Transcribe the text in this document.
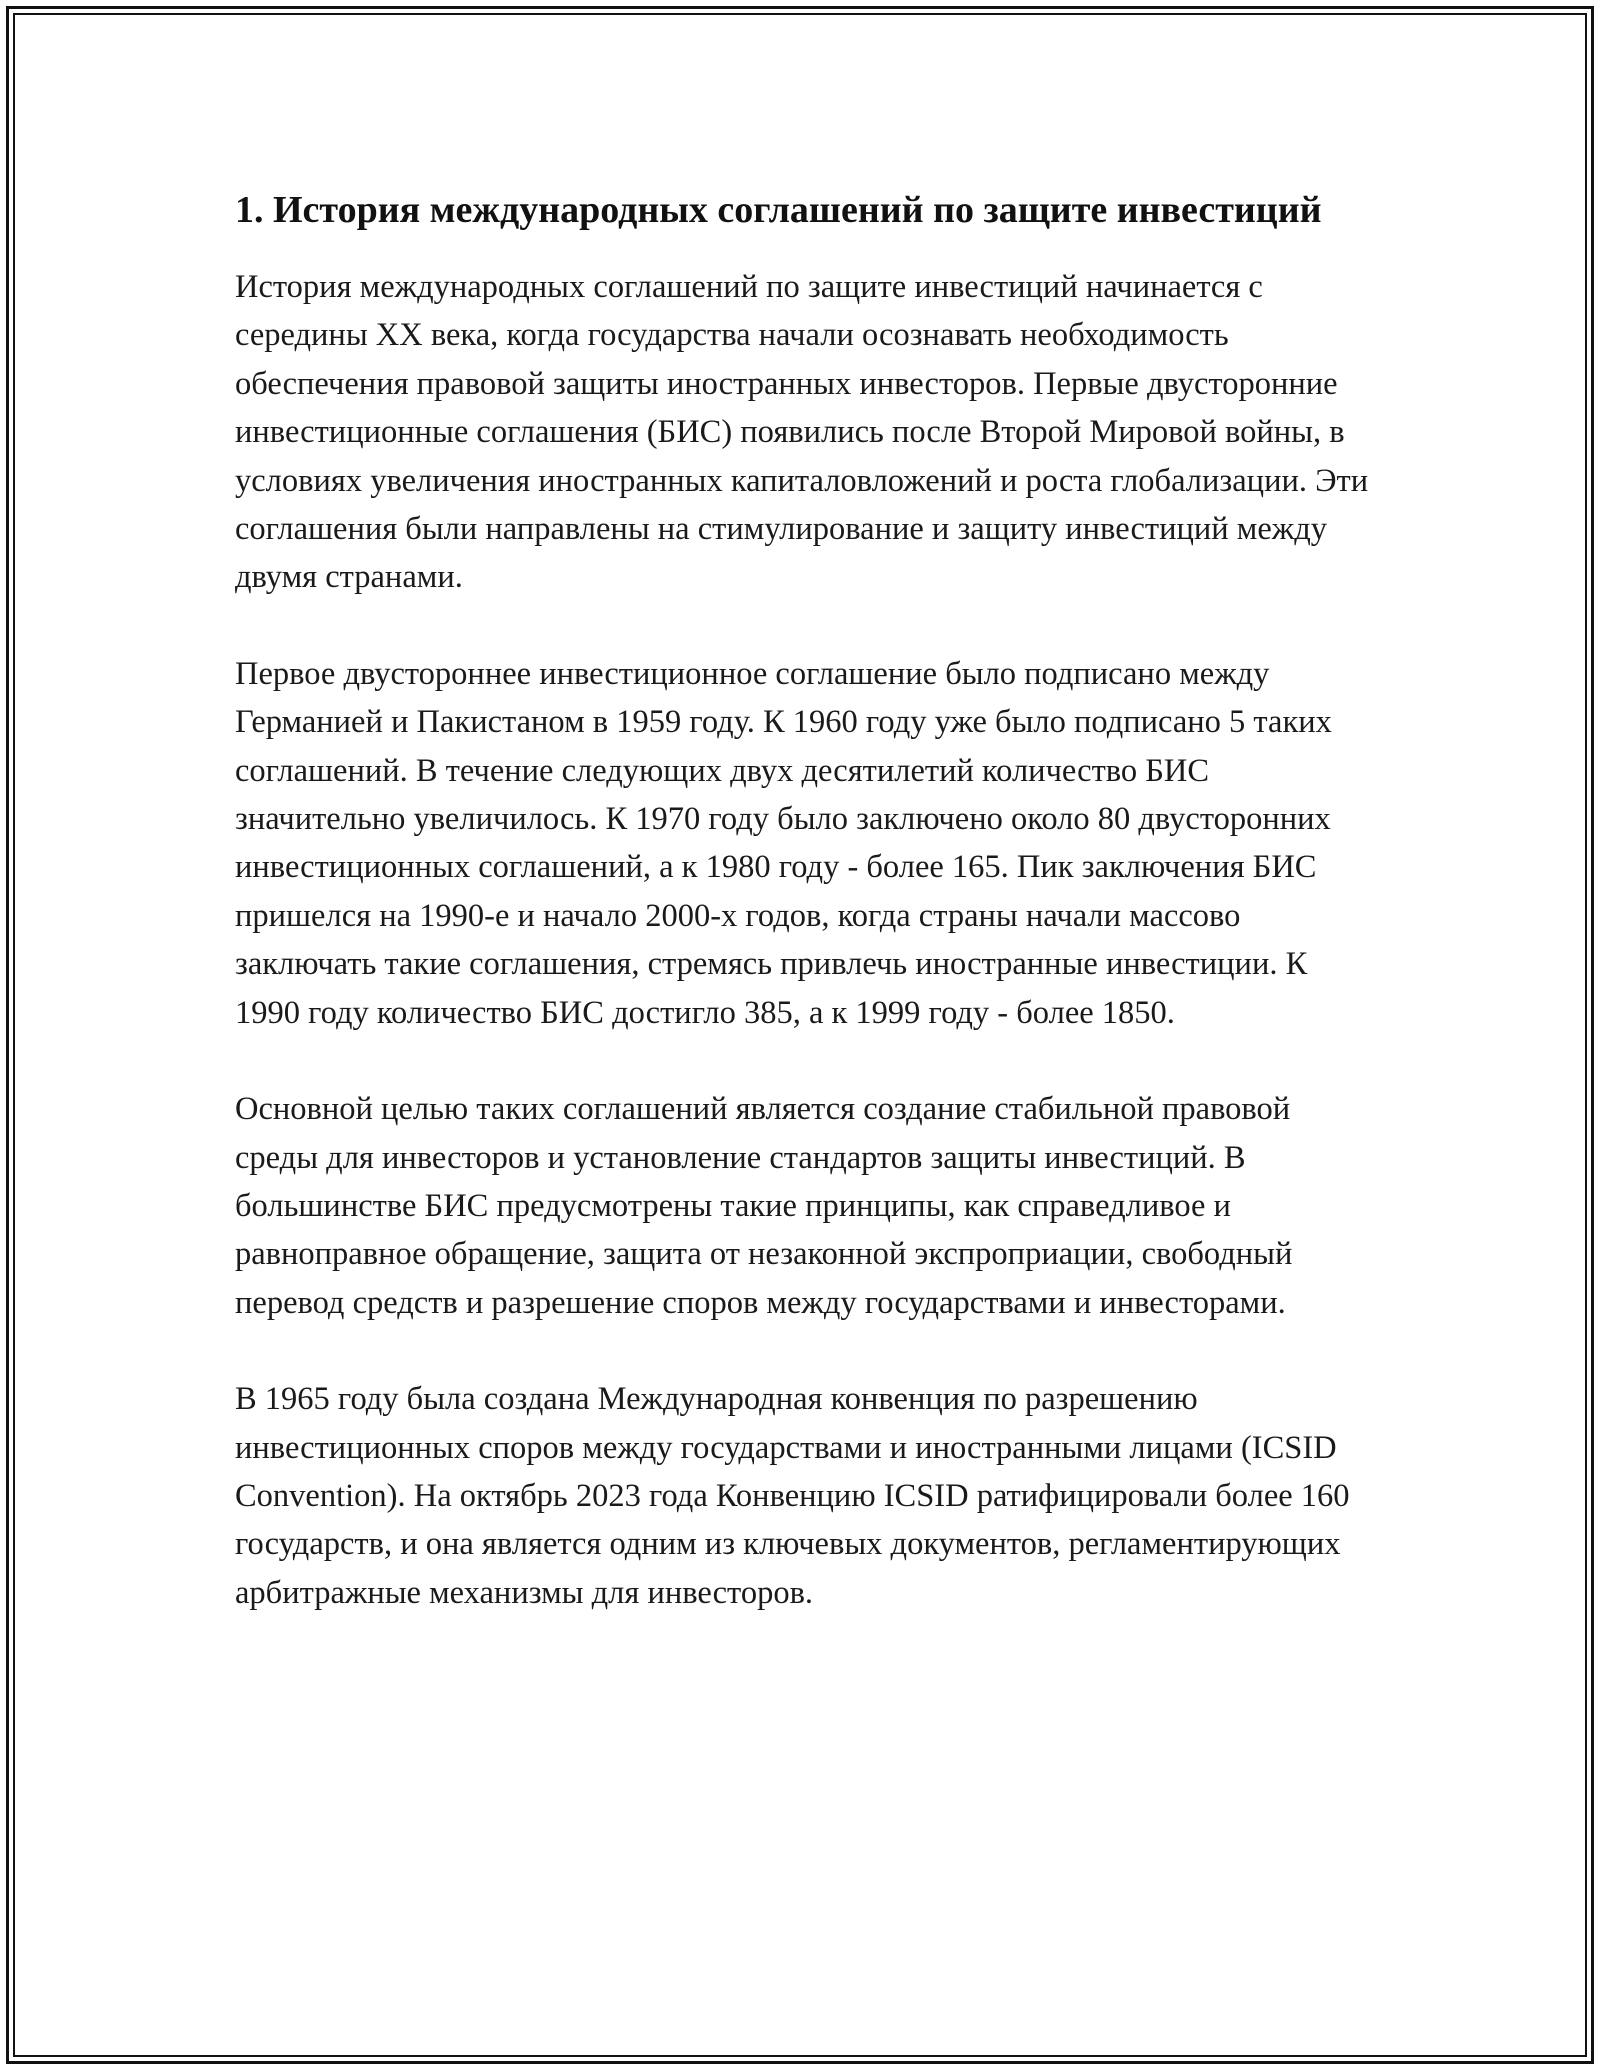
1. История международных соглашений по защите инвестиций

История международных соглашений по защите инвестиций начинается с середины XX века, когда государства начали осознавать необходимость обеспечения правовой защиты иностранных инвесторов. Первые двусторонние инвестиционные соглашения (БИС) появились после Второй Мировой войны, в условиях увеличения иностранных капиталовложений и роста глобализации. Эти соглашения были направлены на стимулирование и защиту инвестиций между двумя странами.

Первое двустороннее инвестиционное соглашение было подписано между Германией и Пакистаном в 1959 году. К 1960 году уже было подписано 5 таких соглашений. В течение следующих двух десятилетий количество БИС значительно увеличилось. К 1970 году было заключено около 80 двусторонних инвестиционных соглашений, а к 1980 году - более 165. Пик заключения БИС пришелся на 1990-е и начало 2000-х годов, когда страны начали массово заключать такие соглашения, стремясь привлечь иностранные инвестиции. К 1990 году количество БИС достигло 385, а к 1999 году - более 1850.

Основной целью таких соглашений является создание стабильной правовой среды для инвесторов и установление стандартов защиты инвестиций. В большинстве БИС предусмотрены такие принципы, как справедливое и равноправное обращение, защита от незаконной экспроприации, свободный перевод средств и разрешение споров между государствами и инвесторами.

В 1965 году была создана Международная конвенция по разрешению инвестиционных споров между государствами и иностранными лицами (ICSID Convention). На октябрь 2023 года Конвенцию ICSID ратифицировали более 160 государств, и она является одним из ключевых документов, регламентирующих арбитражные механизмы для инвесторов.
